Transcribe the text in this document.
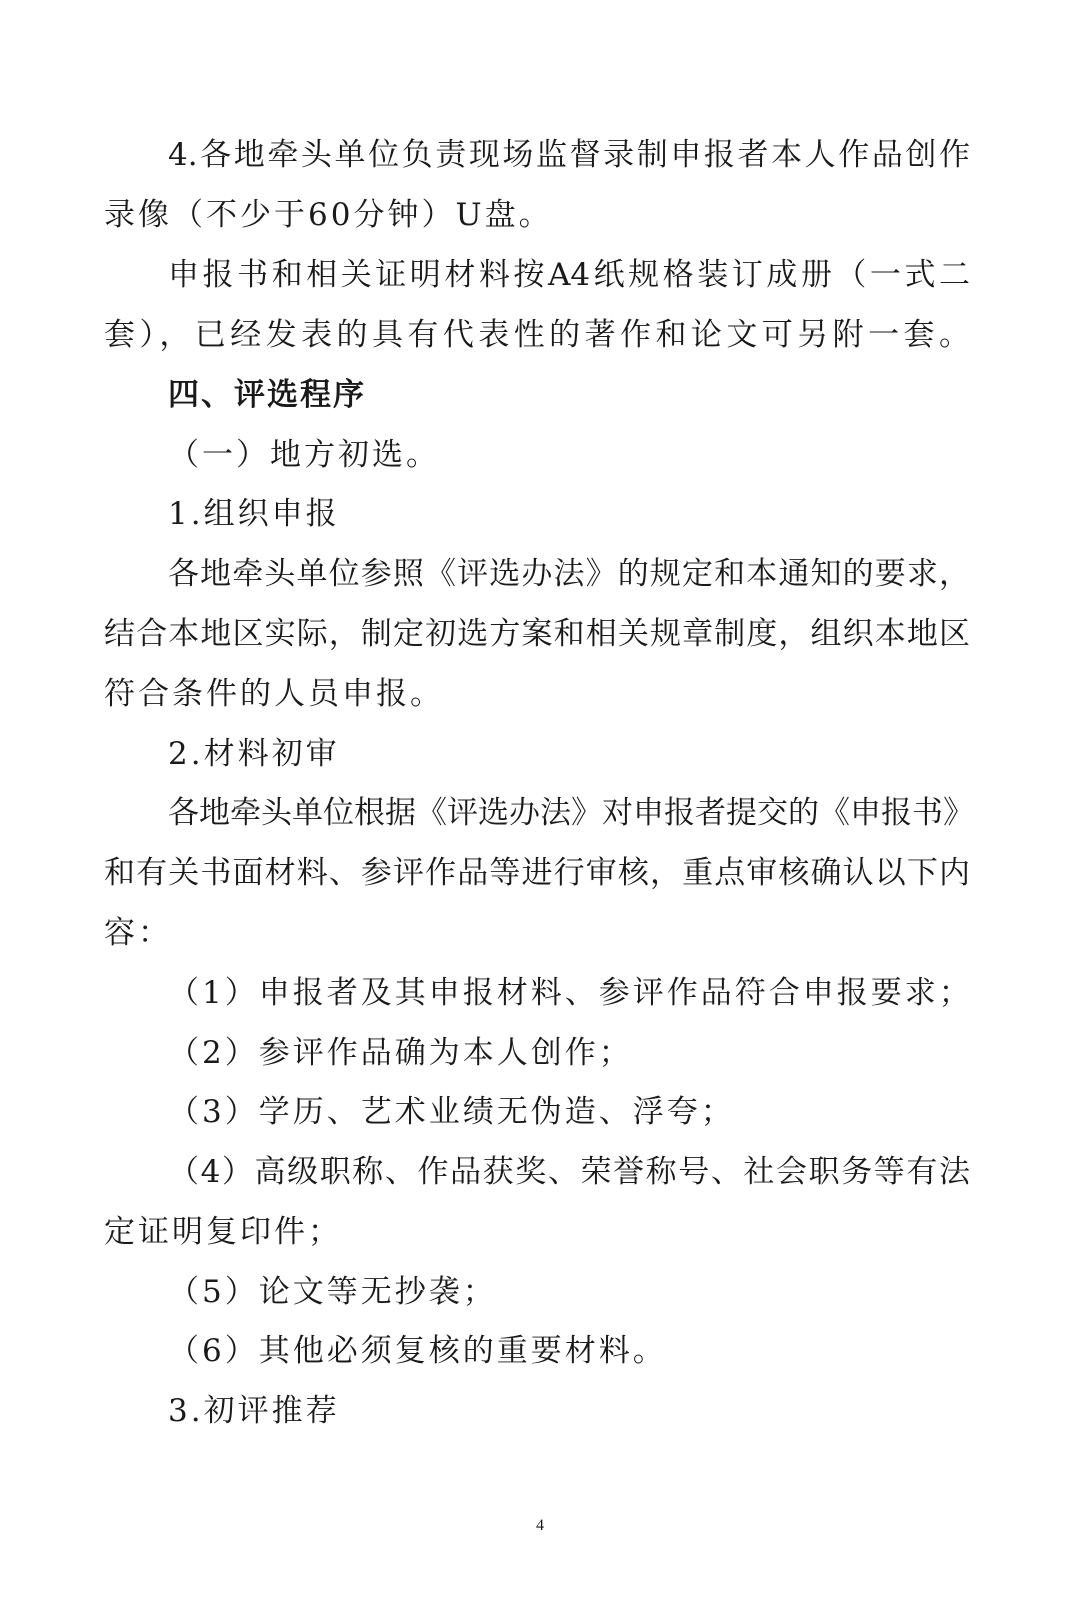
4.各地牵头单位负责现场监督录制申报者本人作品创作
录像（不少于60分钟）U盘。
申报书和相关证明材料按A4纸规格装订成册（一式二
套），已经发表的具有代表性的著作和论文可另附一套。
四、评选程序
（一）地方初选。
1.组织申报
各地牵头单位参照《评选办法》的规定和本通知的要求，
结合本地区实际，制定初选方案和相关规章制度，组织本地区
符合条件的人员申报。
2.材料初审
各地牵头单位根据《评选办法》对申报者提交的《申报书》
和有关书面材料、参评作品等进行审核，重点审核确认以下内
容：
（1）申报者及其申报材料、参评作品符合申报要求；
（2）参评作品确为本人创作；
（3）学历、艺术业绩无伪造、浮夸；
（4）高级职称、作品获奖、荣誉称号、社会职务等有法
定证明复印件；
（5）论文等无抄袭；
（6）其他必须复核的重要材料。
3.初评推荐
4
